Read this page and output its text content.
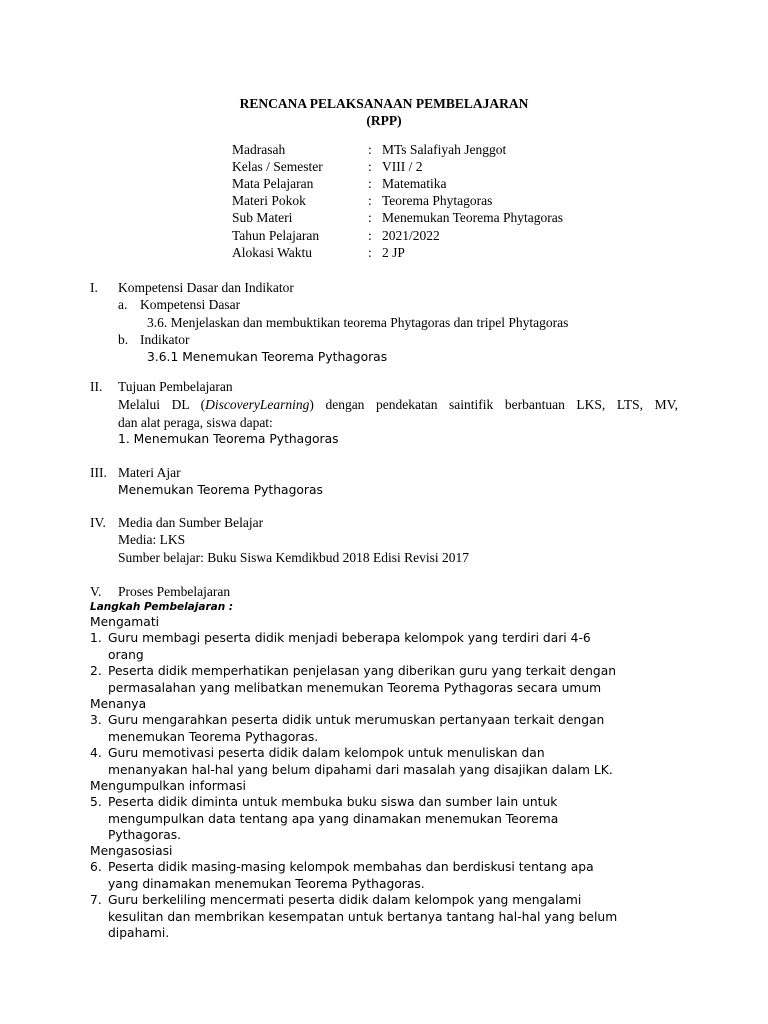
RENCANA PELAKSANAAN PEMBELAJARAN
(RPP)
Madrasah	: MTs Salafiyah Jenggot
Kelas / Semester	: VIII / 2
Mata Pelajaran	: Matematika
Materi Pokok	: Teorema Phytagoras
Sub Materi	: Menemukan Teorema Phytagoras
Tahun Pelajaran	: 2021/2022
Alokasi Waktu	: 2 JP
I. Kompetensi Dasar dan Indikator
a. Kompetensi Dasar
3.6. Menjelaskan dan membuktikan teorema Phytagoras dan tripel Phytagoras
b. Indikator
3.6.1 Menemukan Teorema Pythagoras
II. Tujuan Pembelajaran
Melalui DL (DiscoveryLearning) dengan pendekatan saintifik berbantuan LKS, LTS, MV,
dan alat peraga, siswa dapat:
1. Menemukan Teorema Pythagoras
III. Materi Ajar
Menemukan Teorema Pythagoras
IV. Media dan Sumber Belajar
Media: LKS
Sumber belajar: Buku Siswa Kemdikbud 2018 Edisi Revisi 2017
V. Proses Pembelajaran
Langkah Pembelajaran :
Mengamati
1. Guru membagi peserta didik menjadi beberapa kelompok yang terdiri dari 4-6
orang
2. Peserta didik memperhatikan penjelasan yang diberikan guru yang terkait dengan
permasalahan yang melibatkan menemukan Teorema Pythagoras secara umum
Menanya
3. Guru mengarahkan peserta didik untuk merumuskan pertanyaan terkait dengan
menemukan Teorema Pythagoras.
4. Guru memotivasi peserta didik dalam kelompok untuk menuliskan dan
menanyakan hal-hal yang belum dipahami dari masalah yang disajikan dalam LK.
Mengumpulkan informasi
5. Peserta didik diminta untuk membuka buku siswa dan sumber lain untuk
mengumpulkan data tentang apa yang dinamakan menemukan Teorema
Pythagoras.
Mengasosiasi
6. Peserta didik masing-masing kelompok membahas dan berdiskusi tentang apa
yang dinamakan menemukan Teorema Pythagoras.
7. Guru berkeliling mencermati peserta didik dalam kelompok yang mengalami
kesulitan dan membrikan kesempatan untuk bertanya tantang hal-hal yang belum
dipahami.
